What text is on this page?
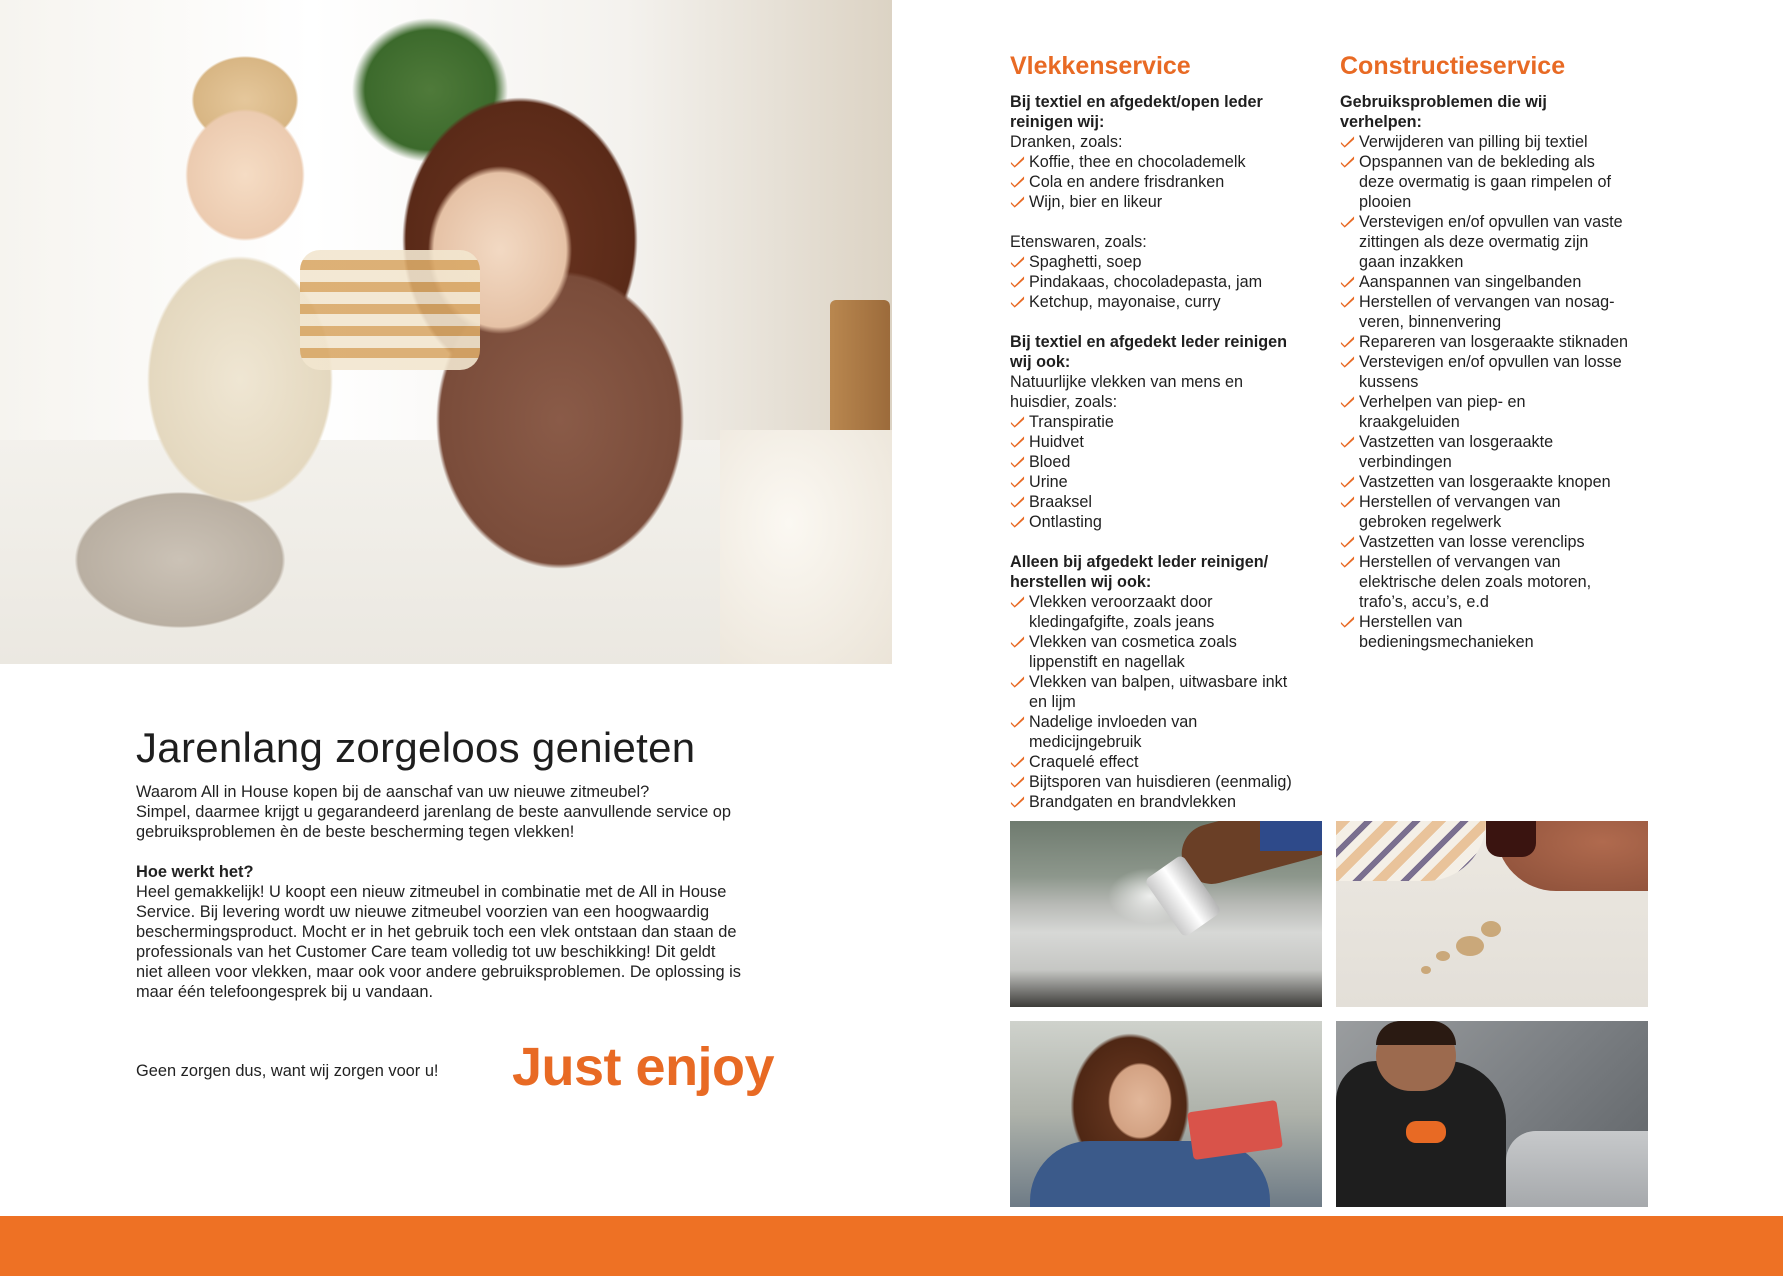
Jarenlang zorgeloos genieten
Waarom All in House kopen bij de aanschaf van uw nieuwe zitmeubel?
Simpel, daarmee krijgt u gegarandeerd jarenlang de beste aanvullende service op
gebruiksproblemen èn de beste bescherming tegen vlekken!
Hoe werkt het?
Heel gemakkelijk! U koopt een nieuw zitmeubel in combinatie met de All in House
Service. Bij levering wordt uw nieuwe zitmeubel voorzien van een hoogwaardig
beschermingsproduct. Mocht er in het gebruik toch een vlek ontstaan dan staan de
professionals van het Customer Care team volledig tot uw beschikking! Dit geldt
niet alleen voor vlekken, maar ook voor andere gebruiksproblemen. De oplossing is
maar één telefoongesprek bij u vandaan.
Geen zorgen dus, want wij zorgen voor u! Just enjoy
Vlekkenservice
Bij textiel en afgedekt/open leder
reinigen wij:
Dranken, zoals:
Koffie, thee en chocolademelk
Cola en andere frisdranken
Wijn, bier en likeur
Etenswaren, zoals:
Spaghetti, soep
Pindakaas, chocoladepasta, jam
Ketchup, mayonaise, curry
Bij textiel en afgedekt leder reinigen
wij ook:
Natuurlijke vlekken van mens en
huisdier, zoals:
Transpiratie
Huidvet
Bloed
Urine
Braaksel
Ontlasting
Alleen bij afgedekt leder reinigen/
herstellen wij ook:
Vlekken veroorzaakt door
kledingafgifte, zoals jeans
Vlekken van cosmetica zoals
lippenstift en nagellak
Vlekken van balpen, uitwasbare inkt
en lijm
Nadelige invloeden van
medicijngebruik
Craquelé effect
Bijtsporen van huisdieren (eenmalig)
Brandgaten en brandvlekken
Constructieservice
Gebruiksproblemen die wij
verhelpen:
Verwijderen van pilling bij textiel
Opspannen van de bekleding als
deze overmatig is gaan rimpelen of
plooien
Verstevigen en/of opvullen van vaste
zittingen als deze overmatig zijn
gaan inzakken
Aanspannen van singelbanden
Herstellen of vervangen van nosag-
veren, binnenvering
Repareren van losgeraakte stiknaden
Verstevigen en/of opvullen van losse
kussens
Verhelpen van piep- en
kraakgeluiden
Vastzetten van losgeraakte
verbindingen
Vastzetten van losgeraakte knopen
Herstellen of vervangen van
gebroken regelwerk
Vastzetten van losse verenclips
Herstellen of vervangen van
elektrische delen zoals motoren,
trafo’s, accu’s, e.d
Herstellen van
bedieningsmechanieken
